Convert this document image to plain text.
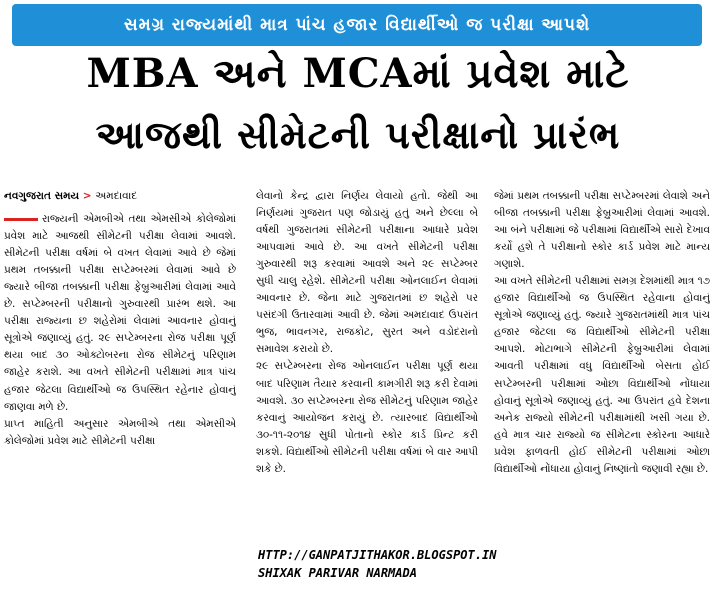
સમગ્ર રાજ્યમાંથી માત્ર પાંચ હજાર વિદ્યાર્થીઓ જ પરીક્ષા આપશે
MBA અને MCAમાં પ્રવેશ માટે
આજથી સીમેટની પરીક્ષાનો પ્રારંભ
નવગુજરાત સમય > અમદાવાદ

રાજ્યની એમબીએ તથા એમસીએ કોલેજોમાં પ્રવેશ માટે આજથી સીમેટની પરીક્ષા લેવામાં આવશે. સીમેટની પરીક્ષા વર્ષમાં બે વખત લેવામાં આવે છે જેમાં પ્રથમ તબક્કાની પરીક્ષા સપ્ટેમ્બરમાં લેવામાં આવે છે જ્યારે બીજા તબક્કાની પરીક્ષા ફેબ્રુઆરીમાં લેવામાં આવે છે. સપ્ટેમ્બરની પરીક્ષાનો ગુરુવારથી પ્રારંભ થશે. આ પરીક્ષા રાજ્યના છ શહેરોમાં લેવામાં આવનાર હોવાનું સૂત્રોએ જણાવ્યું હતું. ૨૯ સપ્ટેમ્બરના રોજ પરીક્ષા પૂર્ણ થયા બાદ ૩૦ ઓક્ટોબરના રોજ સીમેટનું પરિણામ જાહેર કરાશે. આ વખતે સીમેટની પરીક્ષામાં માત્ર પાંચ હજાર જેટલા વિદ્યાર્થીઓ જ ઉપસ્થિત રહેનાર હોવાનું જાણવા મળે છે.

પ્રાપ્ત માહિતી અનુસાર એમબીએ તથા એમસીએ કોલેજોમાં પ્રવેશ માટે સીમેટની પરીક્ષા

લેવાનો કેન્દ્ર દ્વારા નિર્ણય લેવાયો હતો. જેથી આ નિર્ણયમાં ગુજરાત પણ જોડાયું હતું અને છેલ્લા બે વર્ષથી ગુજરાતમાં સીમેટની પરીક્ષાના આધારે પ્રવેશ આપવામાં આવે છે. આ વખતે સીમેટની પરીક્ષા ગુરુવારથી શરૂ કરવામાં આવશે અને ૨૯ સપ્ટેમ્બર સુધી ચાલુ રહેશે. સીમેટની પરીક્ષા ઓનલાઈન લેવામાં આવનાર છે. જેના માટે ગુજરાતમાં છ શહેરો પર પસંદગી ઉતારવામાં આવી છે. જેમાં અમદાવાદ ઉપરાંત ભુજ, ભાવનગર, રાજકોટ, સુરત અને વડોદરાનો સમાવેશ કરાયો છે.

૨૯ સપ્ટેમ્બરના રોજ ઓનલાઈન પરીક્ષા પૂર્ણ થયા બાદ પરિણામ તૈયાર કરવાની કામગીરી શરૂ કરી દેવામાં આવશે. ૩૦ સપ્ટેમ્બરના રોજ સીમેટનું પરિણામ જાહેર કરવાનું આયોજન કરાયું છે. ત્યારબાદ વિદ્યાર્થીઓ ૩૦-૧૧-૨૦૧૪ સુધી પોતાનો સ્કોર કાર્ડ પ્રિન્ટ કરી શકશે. વિદ્યાર્થીઓ સીમેટની પરીક્ષા વર્ષમાં બે વાર આપી શકે છે.

જેમાં પ્રથમ તબક્કાની પરીક્ષા સપ્ટેમ્બરમાં લેવાશે અને બીજા તબક્કાની પરીક્ષા ફેબ્રુઆરીમાં લેવામાં આવશે. આ બંને પરીક્ષામાં જે પરીક્ષામાં વિદ્યાર્થીએ સારો દેખાવ કર્યો હશે તે પરીક્ષાનો સ્કોર કાર્ડ પ્રવેશ માટે માન્ય ગણાશે.

આ વખતે સીમેટની પરીક્ષામાં સમગ્ર દેશમાંથી માત્ર ૧૭ હજાર વિદ્યાર્થીઓ જ ઉપસ્થિત રહેવાના હોવાનું સૂત્રોએ જણાવ્યું હતું. જ્યારે ગુજરાતમાંથી માત્ર પાંચ હજાર જેટલા જ વિદ્યાર્થીઓ સીમેટની પરીક્ષા આપશે. મોટાભાગે સીમેટની ફેબ્રુઆરીમાં લેવામાં આવતી પરીક્ષામાં વધુ વિદ્યાર્થીઓ બેસતા હોઈ સપ્ટેમ્બરની પરીક્ષામાં ઓછા વિદ્યાર્થીઓ નોંધાયા હોવાનું સૂત્રોએ જણાવ્યું હતું. આ ઉપરાંત હવે દેશના અનેક રાજ્યો સીમેટની પરીક્ષામાંથી ખસી ગયા છે. હવે માત્ર ચાર રાજ્યો જ સીમેટના સ્કોરના આધારે પ્રવેશ ફાળવતી હોઈ સીમેટની પરીક્ષામાં ઓછા વિદ્યાર્થીઓ નોંધાયા હોવાનું નિષ્ણાંતો જણાવી રહ્યા છે.

HTTP://GANPATJITHAKOR.BLOGSPOT.IN
SHIXAK PARIVAR NARMADA
